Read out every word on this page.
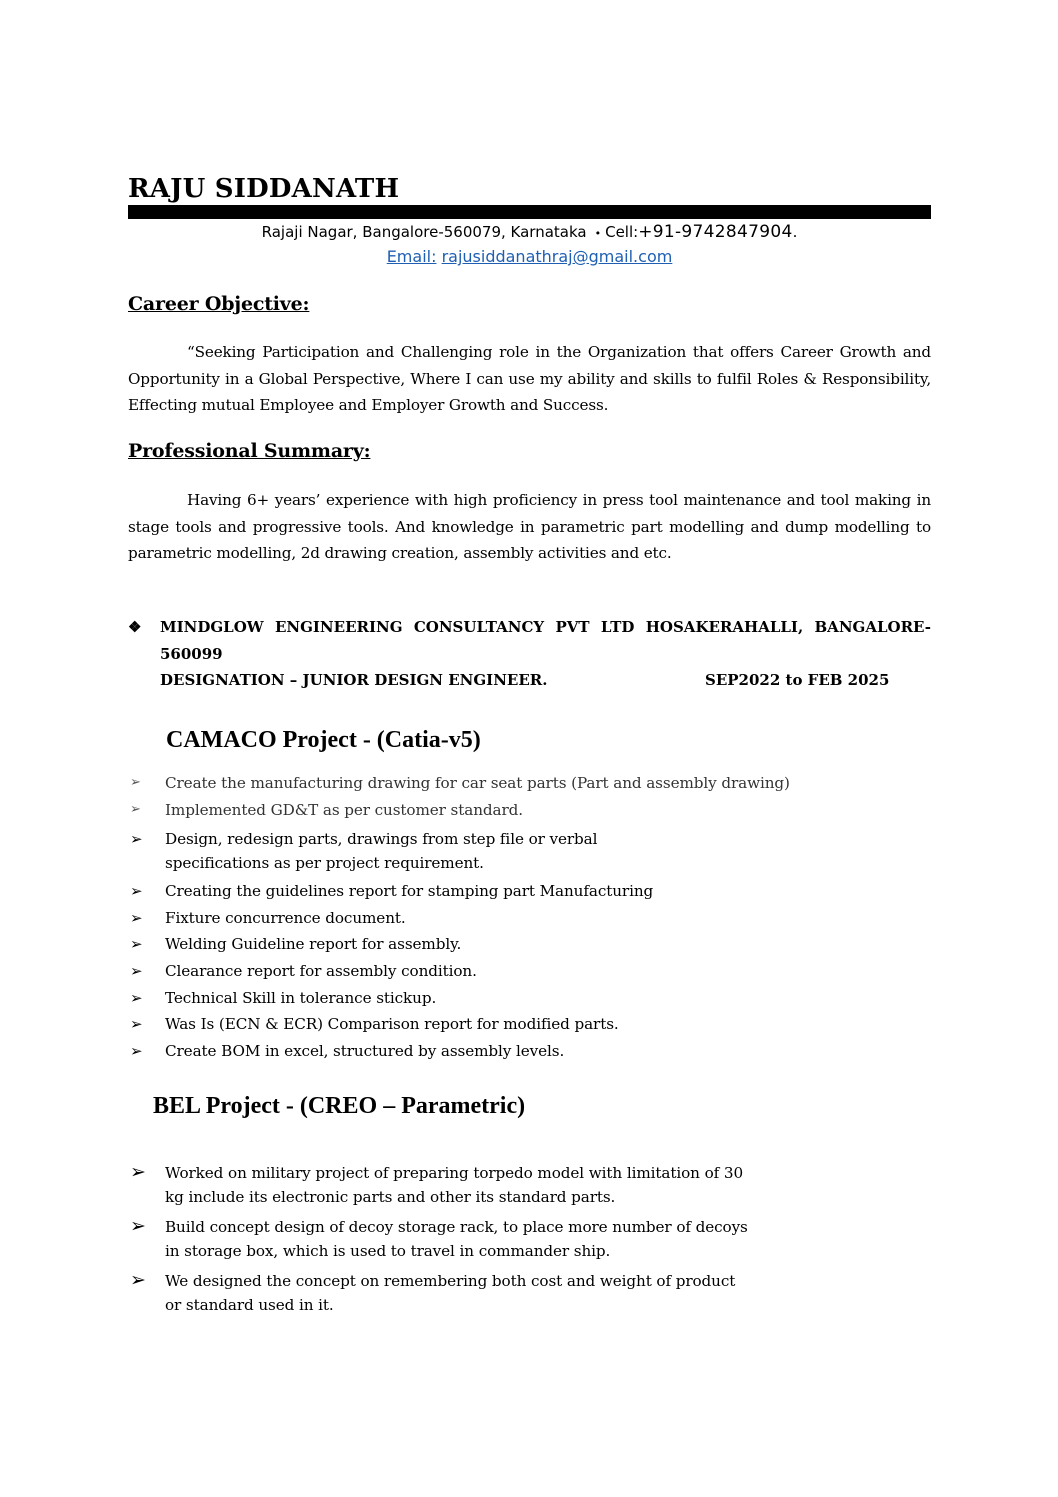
RAJU SIDDANATH
Rajaji Nagar, Bangalore-560079, Karnataka • Cell:+91-9742847904.
Email: rajusiddanathraj@gmail.com
Career Objective:
“Seeking Participation and Challenging role in the Organization that offers Career Growth and Opportunity in a Global Perspective, Where I can use my ability and skills to fulfil Roles & Responsibility, Effecting mutual Employee and Employer Growth and Success.
Professional Summary:
Having 6+ years’ experience with high proficiency in press tool maintenance and tool making in stage tools and progressive tools. And knowledge in parametric part modelling and dump modelling to parametric modelling, 2d drawing creation, assembly activities and etc.
❖	MINDGLOW ENGINEERING CONSULTANCY PVT LTD HOSAKERAHALLI, BANGALORE-
560099
DESIGNATION – JUNIOR DESIGN ENGINEER.	SEP2022 to FEB 2025
CAMACO Project - (Catia-v5)
➢ Create the manufacturing drawing for car seat parts (Part and assembly drawing)
➢ Implemented GD&T as per customer standard.
➢ Design, redesign parts, drawings from step file or verbal specifications as per project requirement.
➢ Creating the guidelines report for stamping part Manufacturing
➢ Fixture concurrence document.
➢ Welding Guideline report for assembly.
➢ Clearance report for assembly condition.
➢ Technical Skill in tolerance stickup.
➢ Was Is (ECN & ECR) Comparison report for modified parts.
➢ Create BOM in excel, structured by assembly levels.
BEL Project - (CREO – Parametric)
➢ Worked on military project of preparing torpedo model with limitation of 30 kg include its electronic parts and other its standard parts.
➢ Build concept design of decoy storage rack, to place more number of decoys in storage box, which is used to travel in commander ship.
➢ We designed the concept on remembering both cost and weight of product or standard used in it.
